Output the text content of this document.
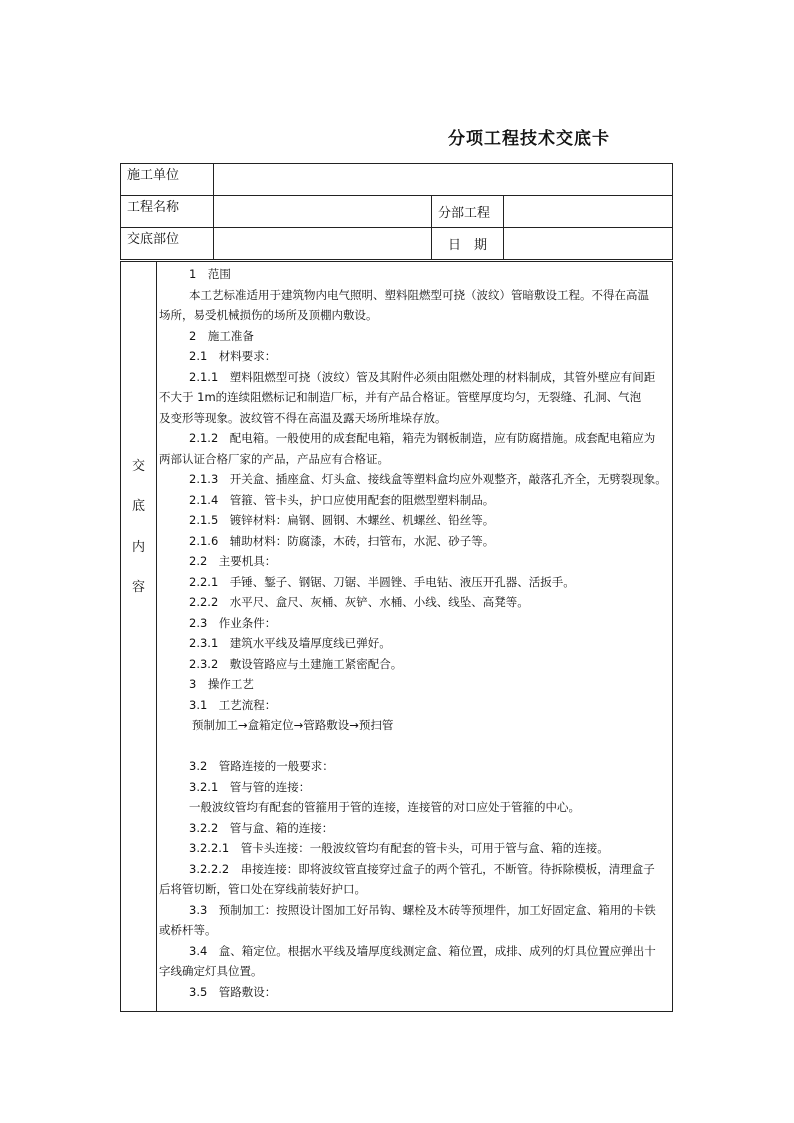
分项工程技术交底卡
施工单位			
工程名称		分部工程	
交底部位		日　期	
交
底
内
容
1　范围
本工艺标准适用于建筑物内电气照明、塑料阻燃型可挠（波纹）管暗敷设工程。不得在高温
场所，易受机械损伤的场所及顶棚内敷设。
2　施工准备
2.1　材料要求：
2.1.1　塑料阻燃型可挠（波纹）管及其附件必须由阻燃处理的材料制成，其管外壁应有间距
不大于 1m的连续阻燃标记和制造厂标，并有产品合格证。管壁厚度均匀，无裂缝、孔洞、气泡
及变形等现象。波纹管不得在高温及露天场所堆垛存放。
2.1.2　配电箱。一般使用的成套配电箱，箱壳为钢板制造，应有防腐措施。成套配电箱应为
两部认证合格厂家的产品，产品应有合格证。
2.1.3　开关盒、插座盒、灯头盒、接线盒等塑料盒均应外观整齐，敲落孔齐全，无劈裂现象。
2.1.4　管箍、管卡头，护口应使用配套的阻燃型塑料制品。
2.1.5　镀锌材料：扁钢、圆钢、木螺丝、机螺丝、铅丝等。
2.1.6　辅助材料：防腐漆，木砖，扫管布，水泥、砂子等。
2.2　主要机具：
2.2.1　手锤、錾子、钢锯、刀锯、半圆锉、手电钻、液压开孔器、活扳手。
2.2.2　水平尺、盒尺、灰桶、灰铲、水桶、小线、线坠、高凳等。
2.3　作业条件：
2.3.1　建筑水平线及墙厚度线已弹好。
2.3.2　敷设管路应与土建施工紧密配合。
3　操作工艺
3.1　工艺流程：
预制加工→盒箱定位→管路敷设→预扫管

3.2　管路连接的一般要求：
3.2.1　管与管的连接：
一般波纹管均有配套的管箍用于管的连接，连接管的对口应处于管箍的中心。
3.2.2　管与盒、箱的连接：
3.2.2.1　管卡头连接：一般波纹管均有配套的管卡头，可用于管与盒、箱的连接。
3.2.2.2　串接连接：即将波纹管直接穿过盒子的两个管孔，不断管。待拆除模板，清理盒子
后将管切断，管口处在穿线前装好护口。
3.3　预制加工：按照设计图加工好吊钩、螺栓及木砖等预埋件，加工好固定盒、箱用的卡铁
或桥杆等。
3.4　盒、箱定位。根据水平线及墙厚度线测定盒、箱位置，成排、成列的灯具位置应弹出十
字线确定灯具位置。
3.5　管路敷设：
